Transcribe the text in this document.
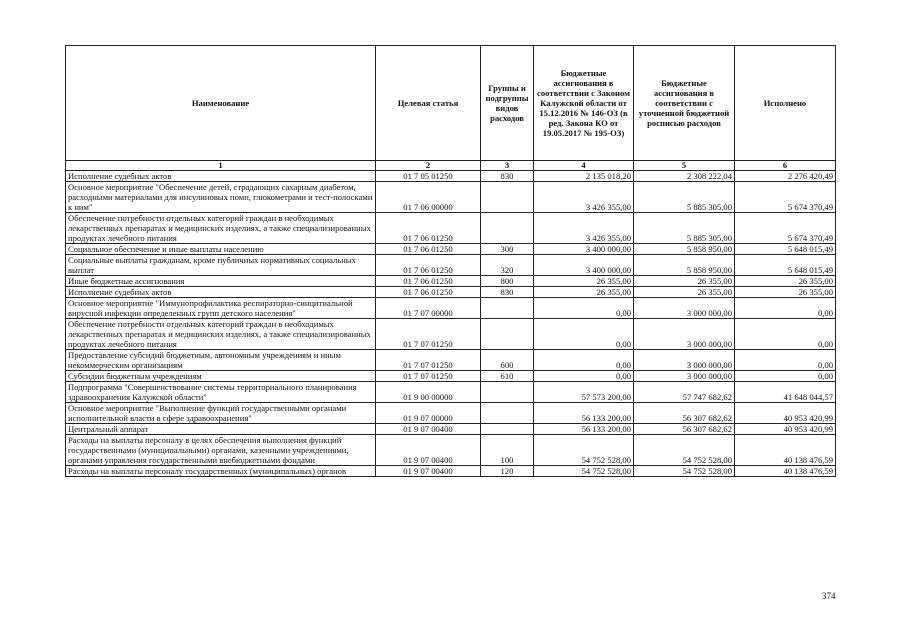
Наименование	Целевая статья	Группы и подгруппы видов расходов	Бюджетные ассигнования в соответствии с Законом Калужской области от 15.12.2016 № 146-ОЗ (в ред. Закона КО от 19.05.2017 № 195-ОЗ)	Бюджетные ассигнования в соответствии с уточненной бюджетной росписью расходов	Исполнено
1	2	3	4	5	6
Исполнение судебных актов	01 7 05 01250	830	2 135 018,20	2 308 222,04	2 276 420,49
Основное мероприятие "Обеспечение детей, страдающих сахарным диабетом, расходными материалами для инсулиновых помп, глюкометрами и тест-полосками к ним"	01 7 06 00000		3 426 355,00	5 885 305,00	5 674 370,49
Обеспечение потребности отдельных категорий граждан в необходимых лекарственных препаратах и медицинских изделиях, а также специализированных продуктах лечебного питания	01 7 06 01250		3 426 355,00	5 885 305,00	5 674 370,49
Социальное обеспечение и иные выплаты населению	01 7 06 01250	300	3 400 000,00	5 858 950,00	5 648 015,49
Социальные выплаты гражданам, кроме публичных нормативных социальных выплат	01 7 06 01250	320	3 400 000,00	5 858 950,00	5 648 015,49
Иные бюджетные ассигнования	01 7 06 01250	800	26 355,00	26 355,00	26 355,00
Исполнение судебных актов	01 7 06 01250	830	26 355,00	26 355,00	26 355,00
Основное мероприятие "Иммунопрофилактика респираторно-синцитиальной вирусной инфекции определенных групп детского населения"	01 7 07 00000		0,00	3 000 000,00	0,00
Обеспечение потребности отдельных категорий граждан в необходимых лекарственных препаратах и медицинских изделиях, а также специализированных продуктах лечебного питания	01 7 07 01250		0,00	3 000 000,00	0,00
Предоставление субсидий бюджетным, автономным учреждениям и иным некоммерческим организациям	01 7 07 01250	600	0,00	3 000 000,00	0,00
Субсидии бюджетным учреждениям	01 7 07 01250	610	0,00	3 000 000,00	0,00
Подпрограмма "Совершенствование системы территориального планирования здравоохранения Калужской области"	01 9 00 00000		57 573 200,00	57 747 682,62	41 648 044,57
Основное мероприятие "Выполнение функций государственными органами исполнительной власти в сфере здравоохранения"	01 9 07 00000		56 133 200,00	56 307 682,62	40 953 420,99
Центральный аппарат	01 9 07 00400		56 133 200,00	56 307 682,62	40 953 420,99
Расходы на выплаты персоналу в целях обеспечения выполнения функций государственными (муниципальными) органами, казенными учреждениями, органами управления государственными внебюджетными фондами	01 9 07 00400	100	54 752 528,00	54 752 528,00	40 138 476,59
Расходы на выплаты персоналу государственных (муниципальных) органов	01 9 07 00400	120	54 752 528,00	54 752 528,00	40 138 476,59
374
